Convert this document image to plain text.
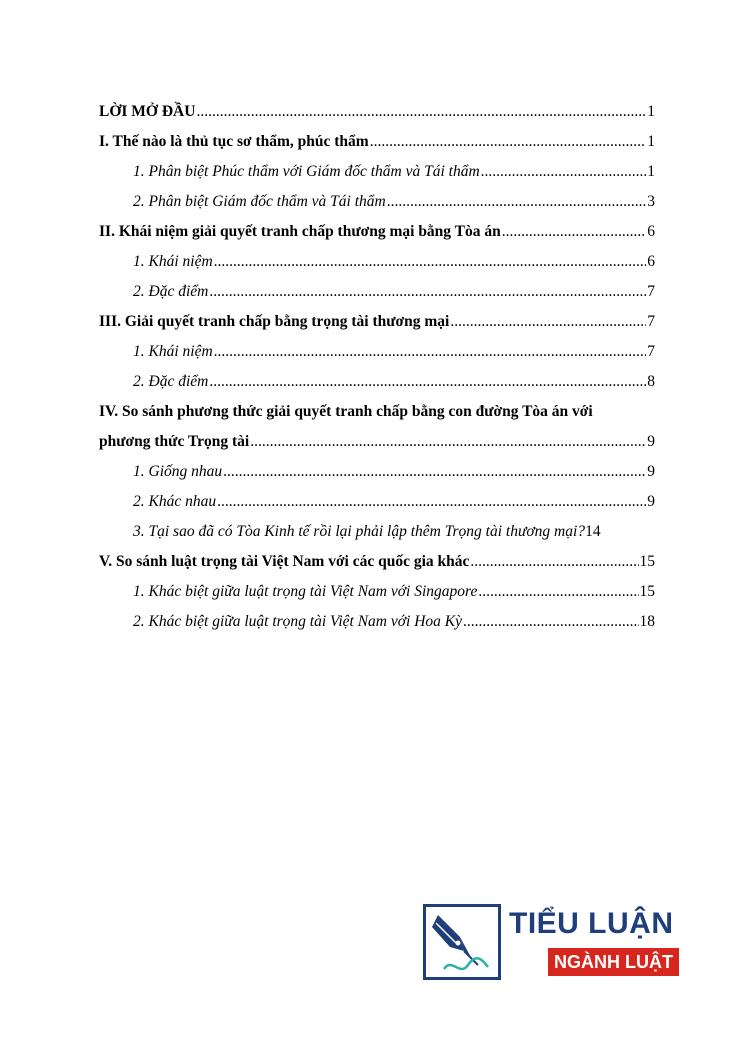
LỜI MỞ ĐẦU .....	1
I. Thế nào là thủ tục sơ thẩm, phúc thẩm .....	1
1. Phân biệt Phúc thẩm với Giám đốc thẩm và Tái thẩm .....	1
2. Phân biệt Giám đốc thẩm và Tái thẩm .....	3
II. Khái niệm giải quyết tranh chấp thương mại bằng Tòa án .....	6
1. Khái niệm .....	6
2. Đặc điểm .....	7
III. Giải quyết tranh chấp bằng trọng tài thương mại .....	7
1. Khái niệm .....	7
2. Đặc điểm .....	8
IV. So sánh phương thức giải quyết tranh chấp bằng con đường Tòa án với
phương thức Trọng tài .....	9
1. Giống nhau .....	9
2. Khác nhau .....	9
3. Tại sao đã có Tòa Kinh tế rồi lại phải lập thêm Trọng tài thương mại? 14
V. So sánh luật trọng tài Việt Nam với các quốc gia khác .....	15
1. Khác biệt giữa luật trọng tài Việt Nam với Singapore .....	15
2. Khác biệt giữa luật trọng tài Việt Nam với Hoa Kỳ .....	18
TIỂU LUẬN
NGÀNH LUẬT
